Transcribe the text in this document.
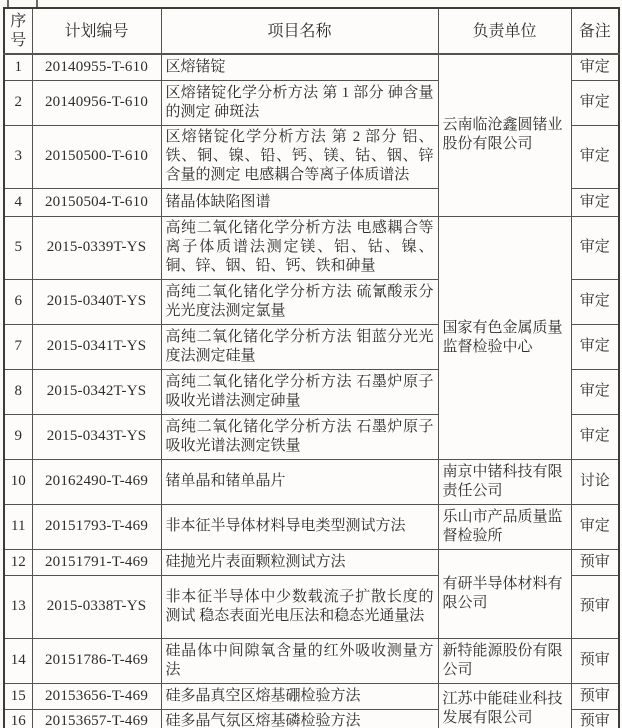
序号	计划编号	项目名称	负责单位	备注
1	20140955-T-610	区熔锗锭	云南临沧鑫圆锗业股份有限公司	审定
2	20140956-T-610	区熔锗锭化学分析方法 第 1 部分 砷含量的测定 砷斑法		审定
3	20150500-T-610	区熔锗锭化学分析方法 第 2 部分 铝、铁、铜、镍、铅、钙、镁、钴、铟、锌含量的测定 电感耦合等离子体质谱法		审定
4	20150504-T-610	锗晶体缺陷图谱		审定
5	2015-0339T-YS	高纯二氧化锗化学分析方法 电感耦合等离子体质谱法测定镁、铝、钴、镍、铜、锌、铟、铅、钙、铁和砷量	国家有色金属质量监督检验中心	审定
6	2015-0340T-YS	高纯二氧化锗化学分析方法 硫氰酸汞分光光度法测定氯量		审定
7	2015-0341T-YS	高纯二氧化锗化学分析方法 钼蓝分光光度法测定硅量		审定
8	2015-0342T-YS	高纯二氧化锗化学分析方法 石墨炉原子吸收光谱法测定砷量		审定
9	2015-0343T-YS	高纯二氧化锗化学分析方法 石墨炉原子吸收光谱法测定铁量		审定
10	20162490-T-469	锗单晶和锗单晶片	南京中锗科技有限责任公司	讨论
11	20151793-T-469	非本征半导体材料导电类型测试方法	乐山市产品质量监督检验所	审定
12	20151791-T-469	硅抛光片表面颗粒测试方法	有研半导体材料有限公司	预审
13	2015-0338T-YS	非本征半导体中少数载流子扩散长度的测试 稳态表面光电压法和稳态光通量法		预审
14	20151786-T-469	硅晶体中间隙氧含量的红外吸收测量方法	新特能源股份有限公司	预审
15	20153656-T-469	硅多晶真空区熔基硼检验方法	江苏中能硅业科技发展有限公司	预审
16	20153657-T-469	硅多晶气氛区熔基磷检验方法		预审
